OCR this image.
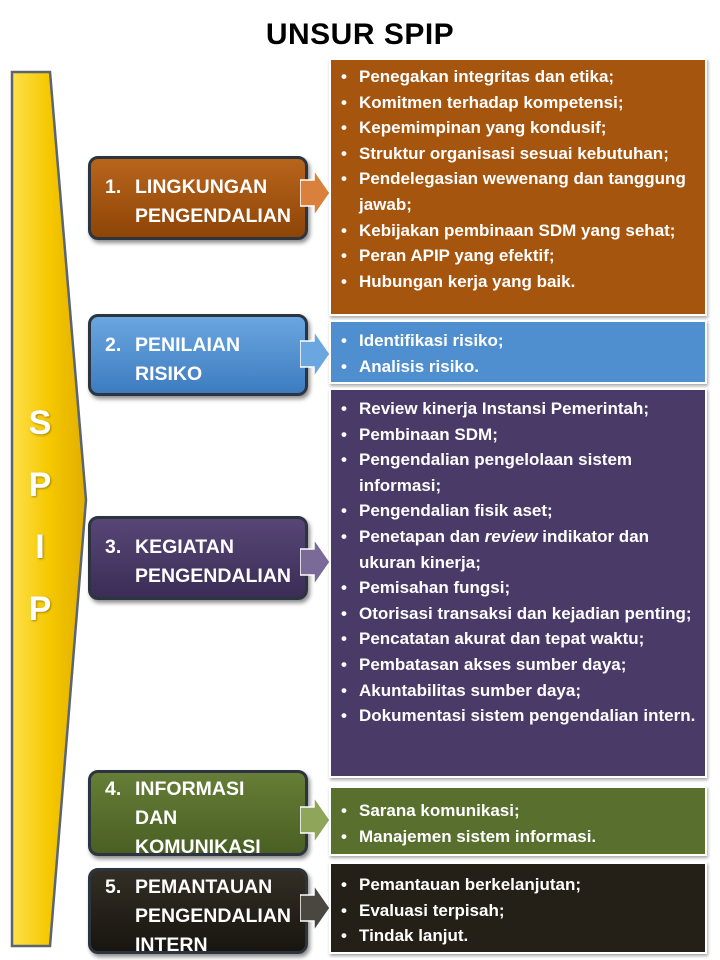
UNSUR SPIP
S
P
I
P
1. LINGKUNGAN
PENGENDALIAN
• Penegakan integritas dan etika;
• Komitmen terhadap kompetensi;
• Kepemimpinan yang kondusif;
• Struktur organisasi sesuai kebutuhan;
• Pendelegasian wewenang dan tanggung jawab;
• Kebijakan pembinaan SDM yang sehat;
• Peran APIP yang efektif;
• Hubungan kerja yang baik.
2. PENILAIAN
RISIKO
• Identifikasi risiko;
• Analisis risiko.
3. KEGIATAN
PENGENDALIAN
• Review kinerja Instansi Pemerintah;
• Pembinaan SDM;
• Pengendalian pengelolaan sistem informasi;
• Pengendalian fisik aset;
• Penetapan dan review indikator dan ukuran kinerja;
• Pemisahan fungsi;
• Otorisasi transaksi dan kejadian penting;
• Pencatatan akurat dan tepat waktu;
• Pembatasan akses sumber daya;
• Akuntabilitas sumber daya;
• Dokumentasi sistem pengendalian intern.
4. INFORMASI
DAN
KOMUNIKASI
• Sarana komunikasi;
• Manajemen sistem informasi.
5. PEMANTAUAN
PENGENDALIAN
INTERN
• Pemantauan berkelanjutan;
• Evaluasi terpisah;
• Tindak lanjut.
